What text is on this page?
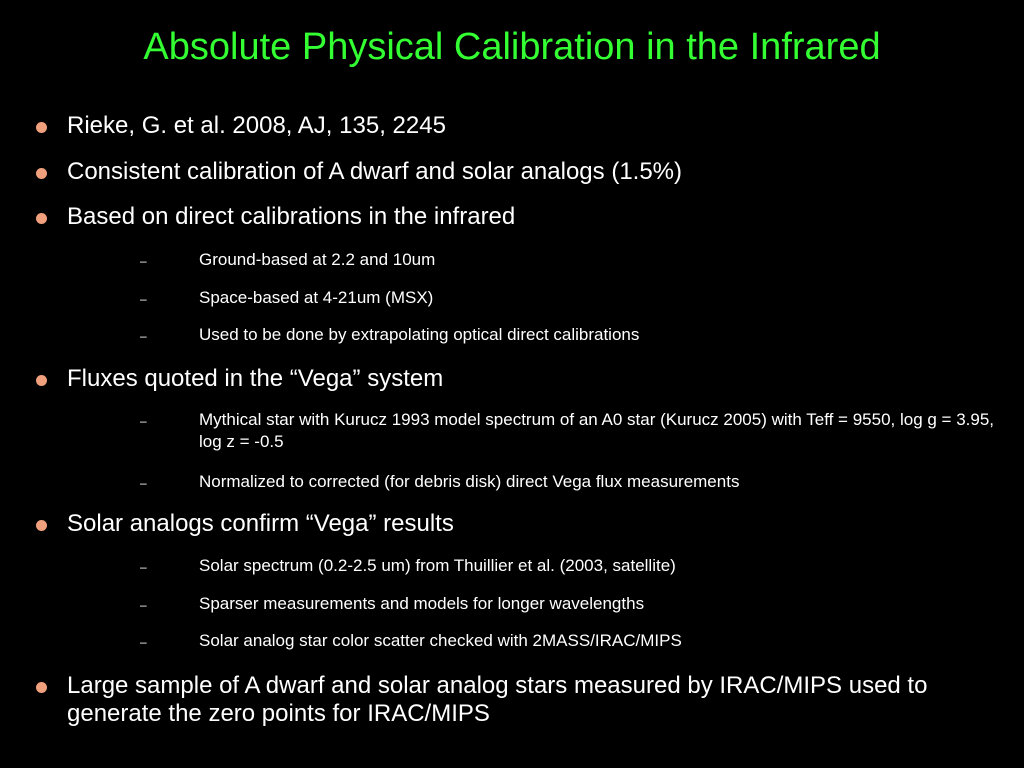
Absolute Physical Calibration in the Infrared
Rieke, G. et al. 2008, AJ, 135, 2245
Consistent calibration of A dwarf and solar analogs (1.5%)
Based on direct calibrations in the infrared
–	Ground-based at 2.2 and 10um
–	Space-based at 4-21um (MSX)
–	Used to be done by extrapolating optical direct calibrations
Fluxes quoted in the “Vega” system
–	Mythical star with Kurucz 1993 model spectrum of an A0 star (Kurucz 2005) with Teff = 9550, log g = 3.95, log z = -0.5
–	Normalized to corrected (for debris disk) direct Vega flux measurements
Solar analogs confirm “Vega” results
–	Solar spectrum (0.2-2.5 um) from Thuillier et al. (2003, satellite)
–	Sparser measurements and models for longer wavelengths
–	Solar analog star color scatter checked with 2MASS/IRAC/MIPS
Large sample of A dwarf and solar analog stars measured by IRAC/MIPS used to generate the zero points for IRAC/MIPS
